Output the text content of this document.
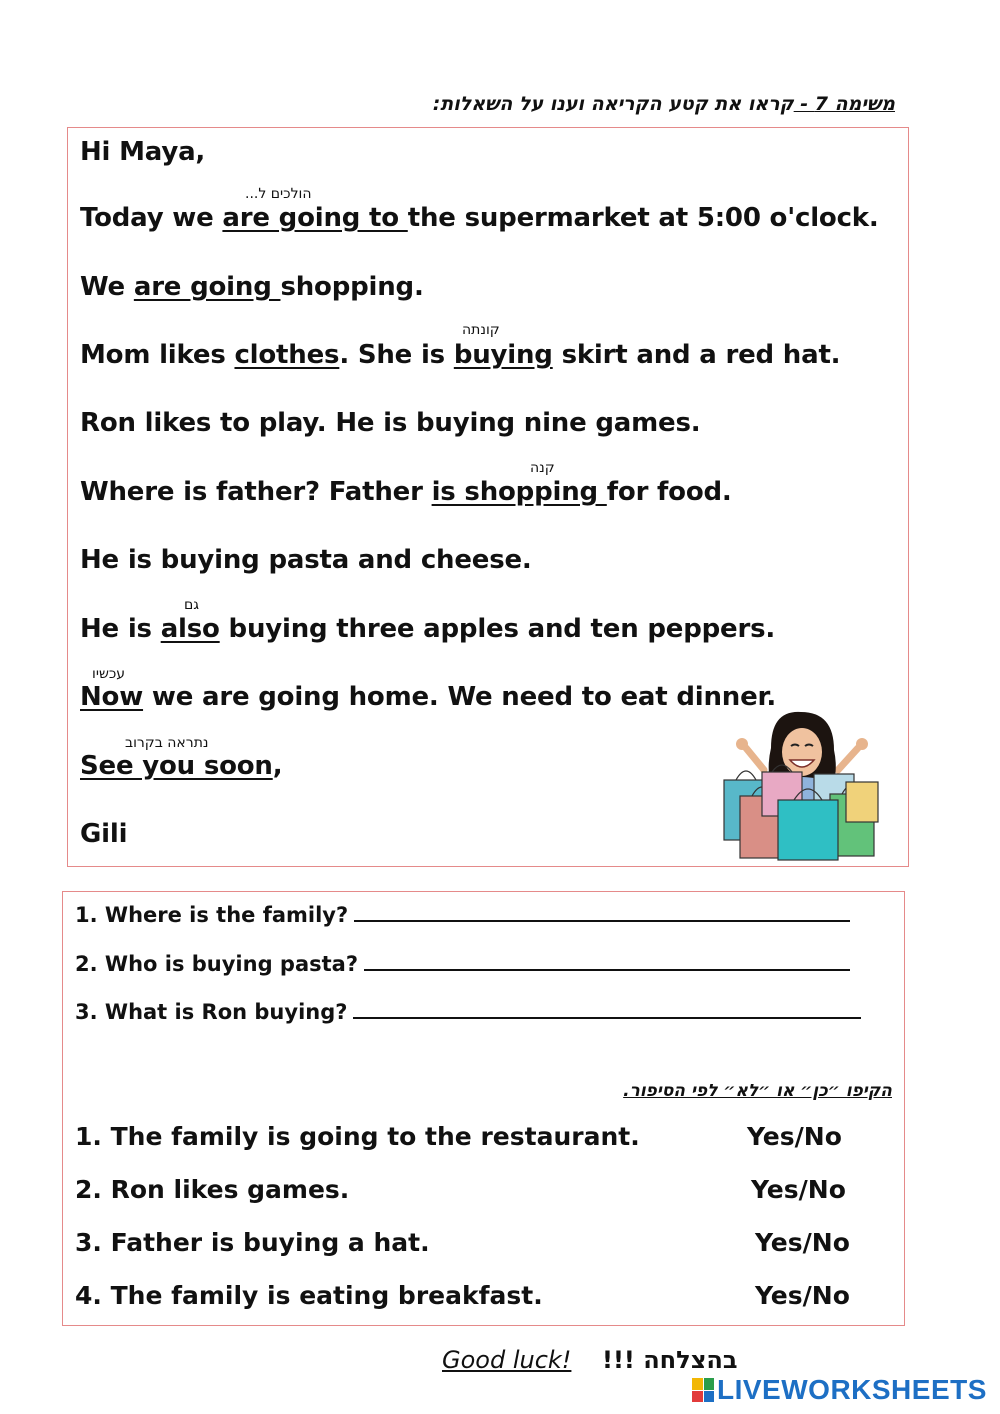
משימה 7 - קראו את קטע הקריאה וענו על השאלות:
Hi Maya,
הולכים ל...
Today we are going to the supermarket at 5:00 o'clock.
We are going shopping.
קונתה
Mom likes clothes. She is buying skirt and a red hat.
Ron likes to play. He is buying nine games.
קנה
Where is father? Father is shopping for food.
He is buying pasta and cheese.
גם
He is also buying three apples and ten peppers.
עכשיו
Now we are going home. We need to eat dinner.
נתראה בקרוב
See you soon,
Gili
1. Where is the family?
2. Who is buying pasta?
3. What is Ron buying?
הקיפו ״כן״ או ״לא״ לפי הסיפור.
1. The family is going to the restaurant.	Yes/No
2. Ron likes games.	Yes/No
3. Father is buying a hat.	Yes/No
4. The family is eating breakfast.	Yes/No
Good luck! בהצלחה !!!
LIVEWORKSHEETS
